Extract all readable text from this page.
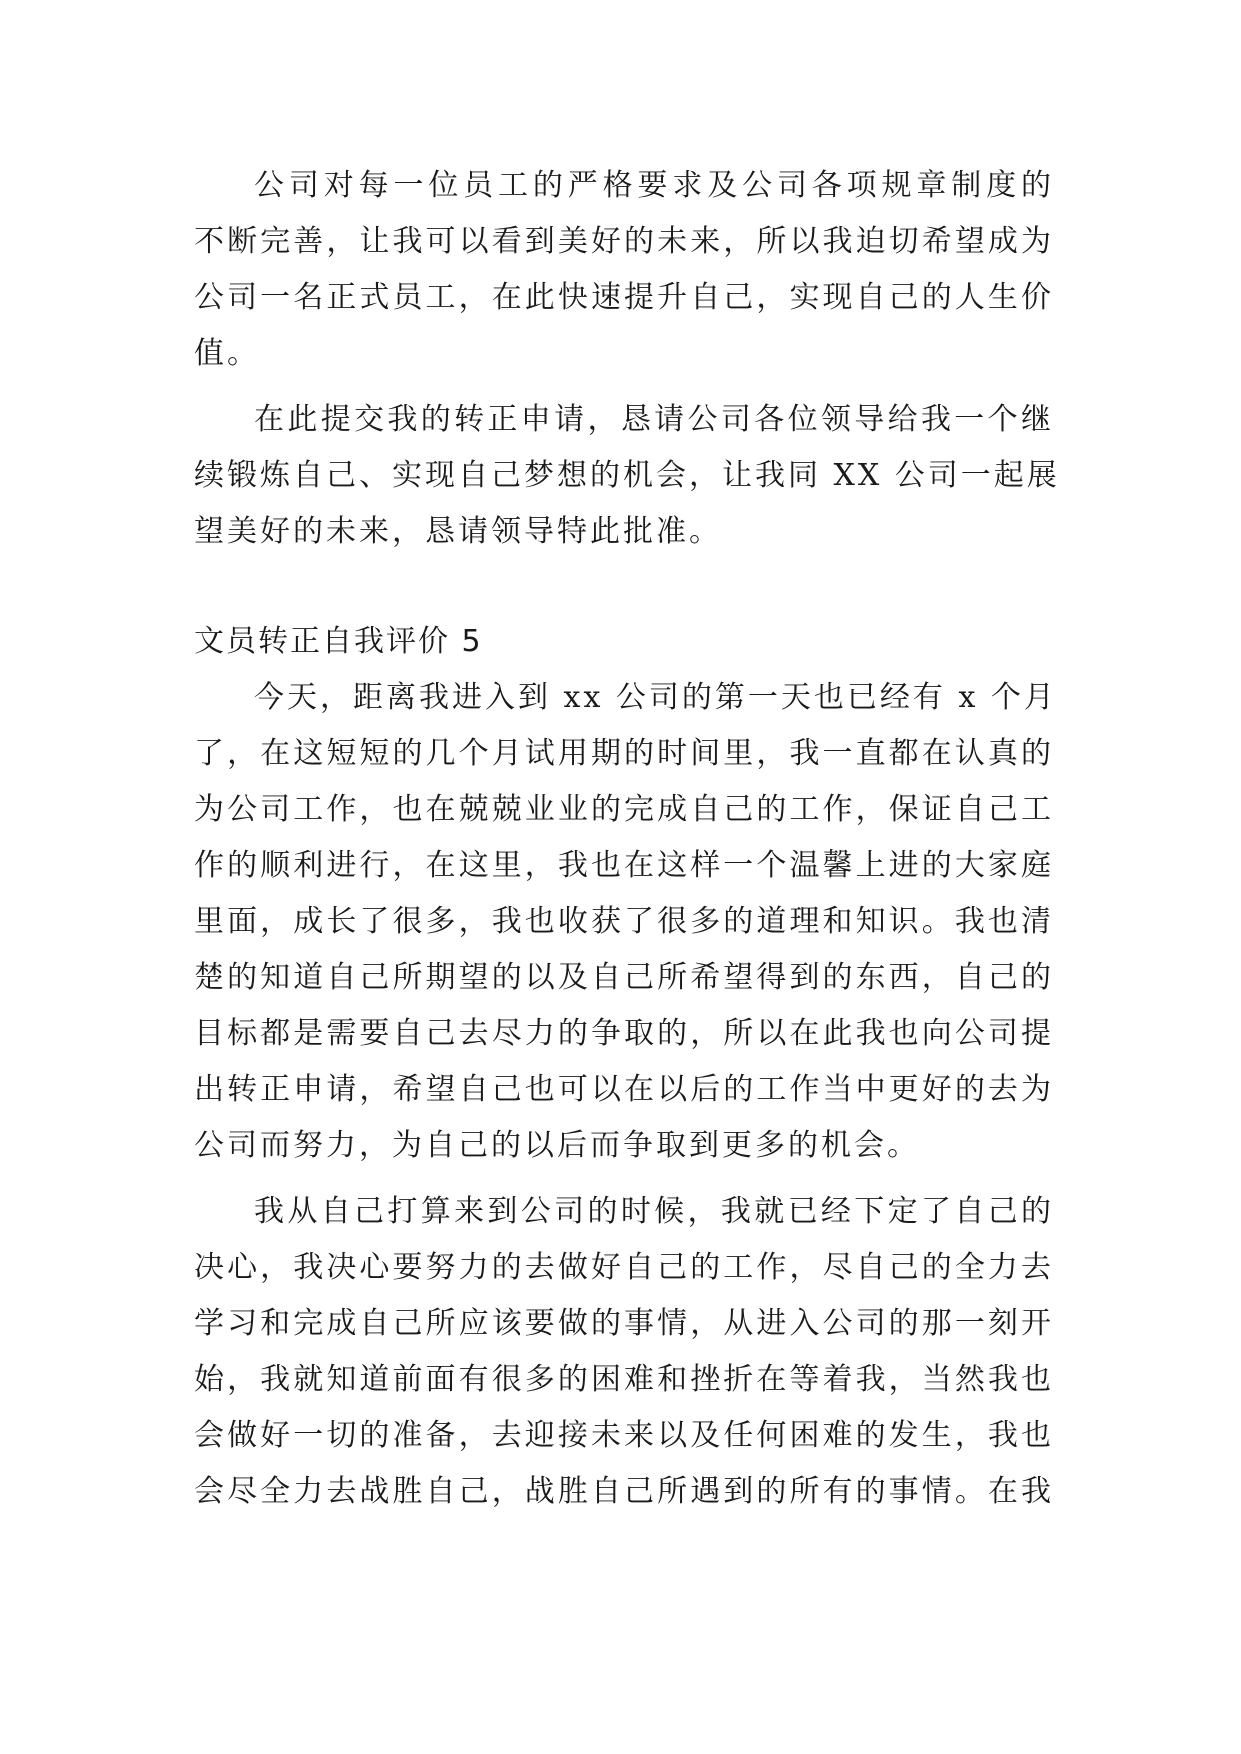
公司对每一位员工的严格要求及公司各项规章制度的
不断完善，让我可以看到美好的未来，所以我迫切希望成为
公司一名正式员工，在此快速提升自己，实现自己的人生价
值。
在此提交我的转正申请，恳请公司各位领导给我一个继
续锻炼自己、实现自己梦想的机会，让我同 XX 公司一起展
望美好的未来，恳请领导特此批准。
文员转正自我评价 5
今天，距离我进入到 xx 公司的第一天也已经有 x 个月
了，在这短短的几个月试用期的时间里，我一直都在认真的
为公司工作，也在兢兢业业的完成自己的工作，保证自己工
作的顺利进行，在这里，我也在这样一个温馨上进的大家庭
里面，成长了很多，我也收获了很多的道理和知识。我也清
楚的知道自己所期望的以及自己所希望得到的东西，自己的
目标都是需要自己去尽力的争取的，所以在此我也向公司提
出转正申请，希望自己也可以在以后的工作当中更好的去为
公司而努力，为自己的以后而争取到更多的机会。
我从自己打算来到公司的时候，我就已经下定了自己的
决心，我决心要努力的去做好自己的工作，尽自己的全力去
学习和完成自己所应该要做的事情，从进入公司的那一刻开
始，我就知道前面有很多的困难和挫折在等着我，当然我也
会做好一切的准备，去迎接未来以及任何困难的发生，我也
会尽全力去战胜自己，战胜自己所遇到的所有的事情。在我
